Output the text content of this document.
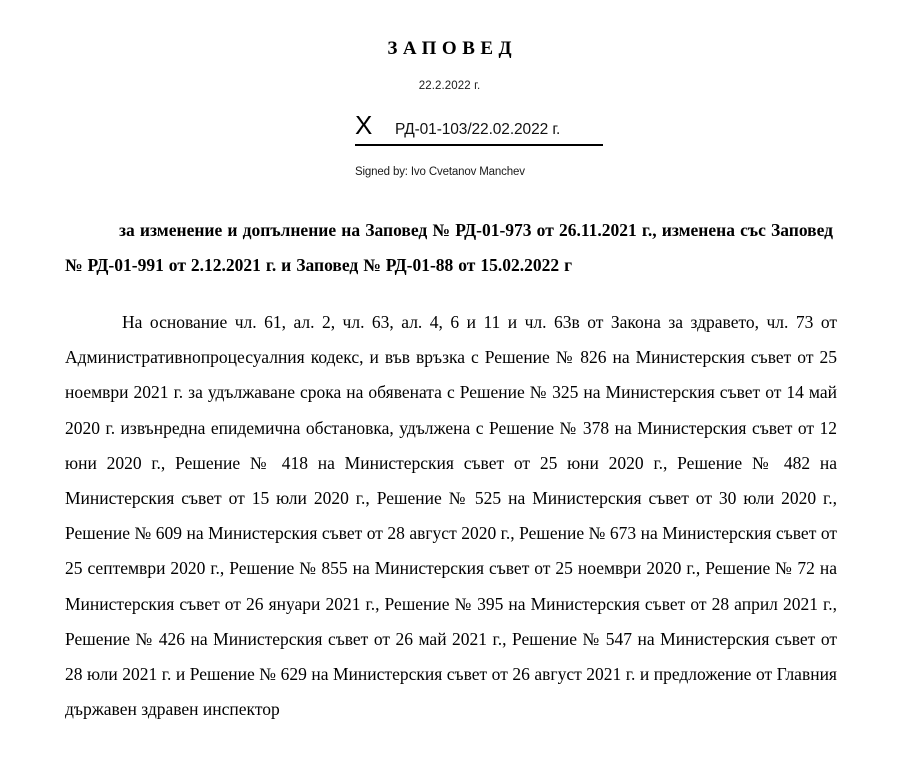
ЗАПОВЕД
22.2.2022 г.
X	РД-01-103/22.02.2022 г.
Signed by: Ivo Cvetanov Manchev
за изменение и допълнение на Заповед № РД-01-973 от 26.11.2021 г., изменена със Заповед № РД-01-991 от 2.12.2021 г. и Заповед № РД-01-88 от 15.02.2022 г
На основание чл. 61, ал. 2, чл. 63, ал. 4, 6 и 11 и чл. 63в от Закона за здравето, чл. 73 от Административнопроцесуалния кодекс, и във връзка с Решение № 826 на Министерския съвет от 25 ноември 2021 г. за удължаване срока на обявената с Решение № 325 на Министерския съвет от 14 май 2020 г. извънредна епидемична обстановка, удължена с Решение № 378 на Министерския съвет от 12 юни 2020 г., Решение № 418 на Министерския съвет от 25 юни 2020 г., Решение № 482 на Министерския съвет от 15 юли 2020 г., Решение № 525 на Министерския съвет от 30 юли 2020 г., Решение № 609 на Министерския съвет от 28 август 2020 г., Решение № 673 на Министерския съвет от 25 септември 2020 г., Решение № 855 на Министерския съвет от 25 ноември 2020 г., Решение № 72 на Министерския съвет от 26 януари 2021 г., Решение № 395 на Министерския съвет от 28 април 2021 г., Решение № 426 на Министерския съвет от 26 май 2021 г., Решение № 547 на Министерския съвет от 28 юли 2021 г. и Решение № 629 на Министерския съвет от 26 август 2021 г. и предложение от Главния държавен здравен инспектор
